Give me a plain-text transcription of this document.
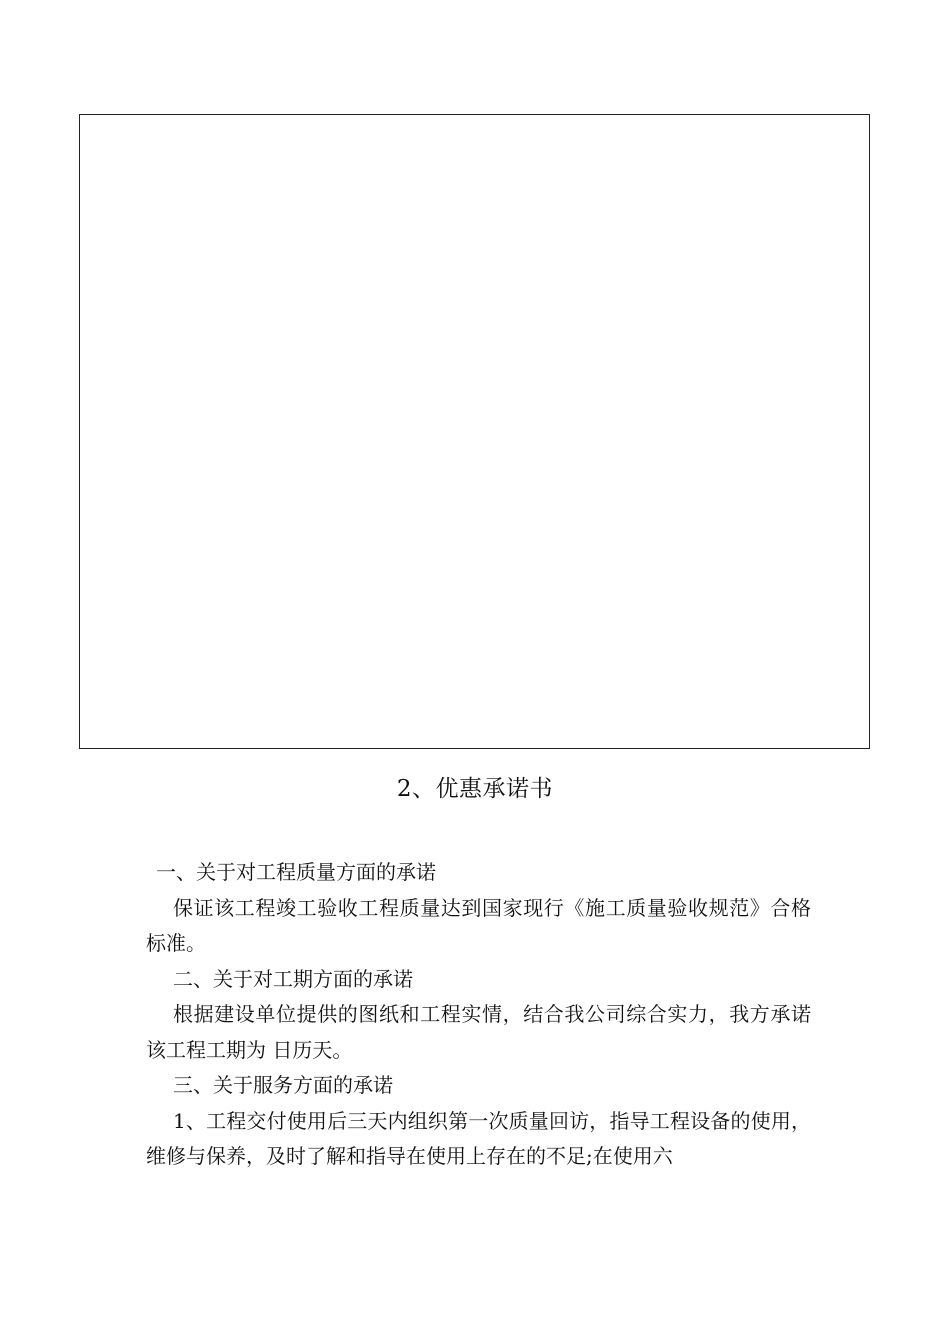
2、优惠承诺书

一、关于对工程质量方面的承诺

保证该工程竣工验收工程质量达到国家现行《施工质量验收规范》合格标准。

二、关于对工期方面的承诺

根据建设单位提供的图纸和工程实情，结合我公司综合实力，我方承诺该工程工期为 日历天。

三、关于服务方面的承诺

1、工程交付使用后三天内组织第一次质量回访，指导工程设备的使用，维修与保养，及时了解和指导在使用上存在的不足;在使用六
